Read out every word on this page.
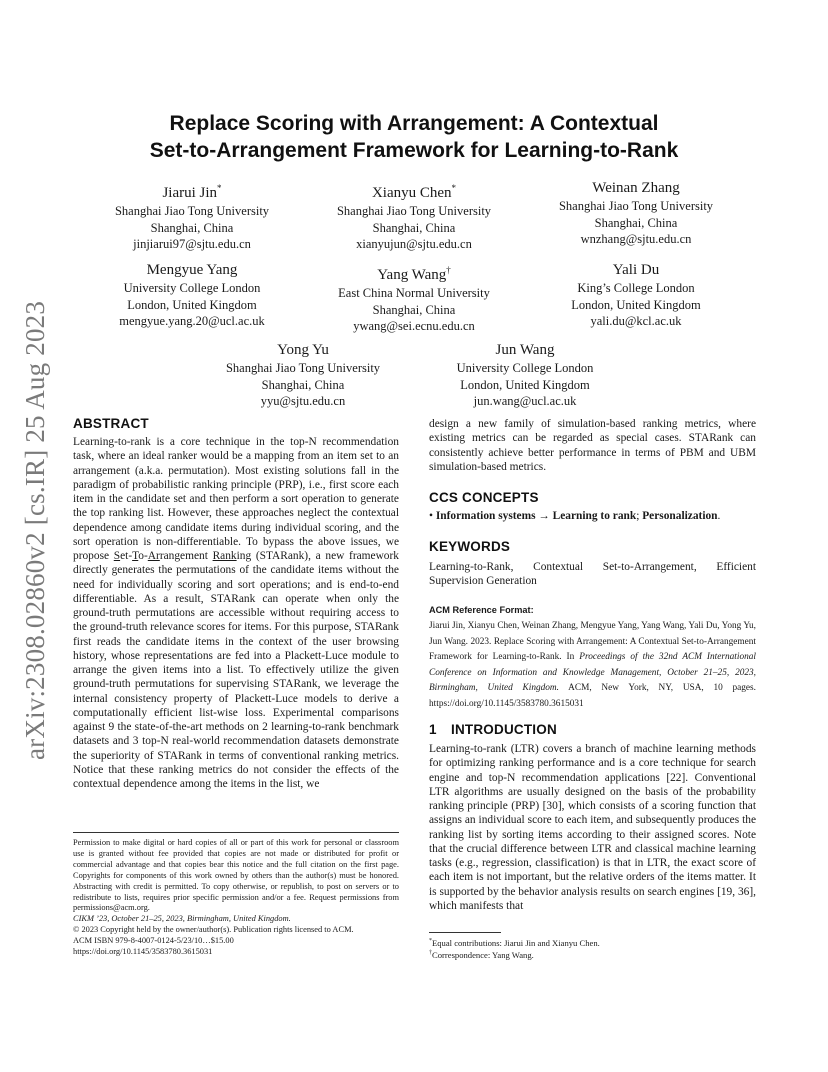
arXiv:2308.02860v2 [cs.IR] 25 Aug 2023
Replace Scoring with Arrangement: A Contextual
Set-to-Arrangement Framework for Learning-to-Rank
Jiarui Jin*
Shanghai Jiao Tong University
Shanghai, China
jinjiarui97@sjtu.edu.cn
Xianyu Chen*
Shanghai Jiao Tong University
Shanghai, China
xianyujun@sjtu.edu.cn
Weinan Zhang
Shanghai Jiao Tong University
Shanghai, China
wnzhang@sjtu.edu.cn
Mengyue Yang
University College London
London, United Kingdom
mengyue.yang.20@ucl.ac.uk
Yang Wang†
East China Normal University
Shanghai, China
ywang@sei.ecnu.edu.cn
Yali Du
King’s College London
London, United Kingdom
yali.du@kcl.ac.uk
Yong Yu
Shanghai Jiao Tong University
Shanghai, China
yyu@sjtu.edu.cn
Jun Wang
University College London
London, United Kingdom
jun.wang@ucl.ac.uk
ABSTRACT
Learning-to-rank is a core technique in the top-N recommendation task, where an ideal ranker would be a mapping from an item set to an arrangement (a.k.a. permutation). Most existing solutions fall in the paradigm of probabilistic ranking principle (PRP), i.e., first score each item in the candidate set and then perform a sort operation to generate the top ranking list. However, these approaches neglect the contextual dependence among candidate items during individual scoring, and the sort operation is non-differentiable. To bypass the above issues, we propose Set-To-Arrangement Ranking (STARank), a new framework directly generates the permutations of the candidate items without the need for individually scoring and sort operations; and is end-to-end differentiable. As a result, STARank can operate when only the ground-truth permutations are accessible without requiring access to the ground-truth relevance scores for items. For this purpose, STARank first reads the candidate items in the context of the user browsing history, whose representations are fed into a Plackett-Luce module to arrange the given items into a list. To effectively utilize the given ground-truth permutations for supervising STARank, we leverage the internal consistency property of Plackett-Luce models to derive a computationally efficient list-wise loss. Experimental comparisons against 9 the state-of-the-art methods on 2 learning-to-rank benchmark datasets and 3 top-N real-world recommendation datasets demonstrate the superiority of STARank in terms of conventional ranking metrics. Notice that these ranking metrics do not consider the effects of the contextual dependence among the items in the list, we
Permission to make digital or hard copies of all or part of this work for personal or classroom use is granted without fee provided that copies are not made or distributed for profit or commercial advantage and that copies bear this notice and the full citation on the first page. Copyrights for components of this work owned by others than the author(s) must be honored. Abstracting with credit is permitted. To copy otherwise, or republish, to post on servers or to redistribute to lists, requires prior specific permission and/or a fee. Request permissions from permissions@acm.org.
CIKM ’23, October 21–25, 2023, Birmingham, United Kingdom.
© 2023 Copyright held by the owner/author(s). Publication rights licensed to ACM.
ACM ISBN 979-8-4007-0124-5/23/10…$15.00
https://doi.org/10.1145/3583780.3615031
design a new family of simulation-based ranking metrics, where existing metrics can be regarded as special cases. STARank can consistently achieve better performance in terms of PBM and UBM simulation-based metrics.
CCS CONCEPTS
• Information systems → Learning to rank; Personalization.
KEYWORDS
Learning-to-Rank, Contextual Set-to-Arrangement, Efficient Supervision Generation
ACM Reference Format:
Jiarui Jin, Xianyu Chen, Weinan Zhang, Mengyue Yang, Yang Wang, Yali Du, Yong Yu, Jun Wang. 2023. Replace Scoring with Arrangement: A Contextual Set-to-Arrangement Framework for Learning-to-Rank. In Proceedings of the 32nd ACM International Conference on Information and Knowledge Management, October 21–25, 2023, Birmingham, United Kingdom. ACM, New York, NY, USA, 10 pages. https://doi.org/10.1145/3583780.3615031
1 INTRODUCTION
Learning-to-rank (LTR) covers a branch of machine learning methods for optimizing ranking performance and is a core technique for search engine and top-N recommendation applications [22]. Conventional LTR algorithms are usually designed on the basis of the probability ranking principle (PRP) [30], which consists of a scoring function that assigns an individual score to each item, and subsequently produces the ranking list by sorting items according to their assigned scores. Note that the crucial difference between LTR and classical machine learning tasks (e.g., regression, classification) is that in LTR, the exact score of each item is not important, but the relative orders of the items matter. It is supported by the behavior analysis results on search engines [19, 36], which manifests that
*Equal contributions: Jiarui Jin and Xianyu Chen.
†Correspondence: Yang Wang.
